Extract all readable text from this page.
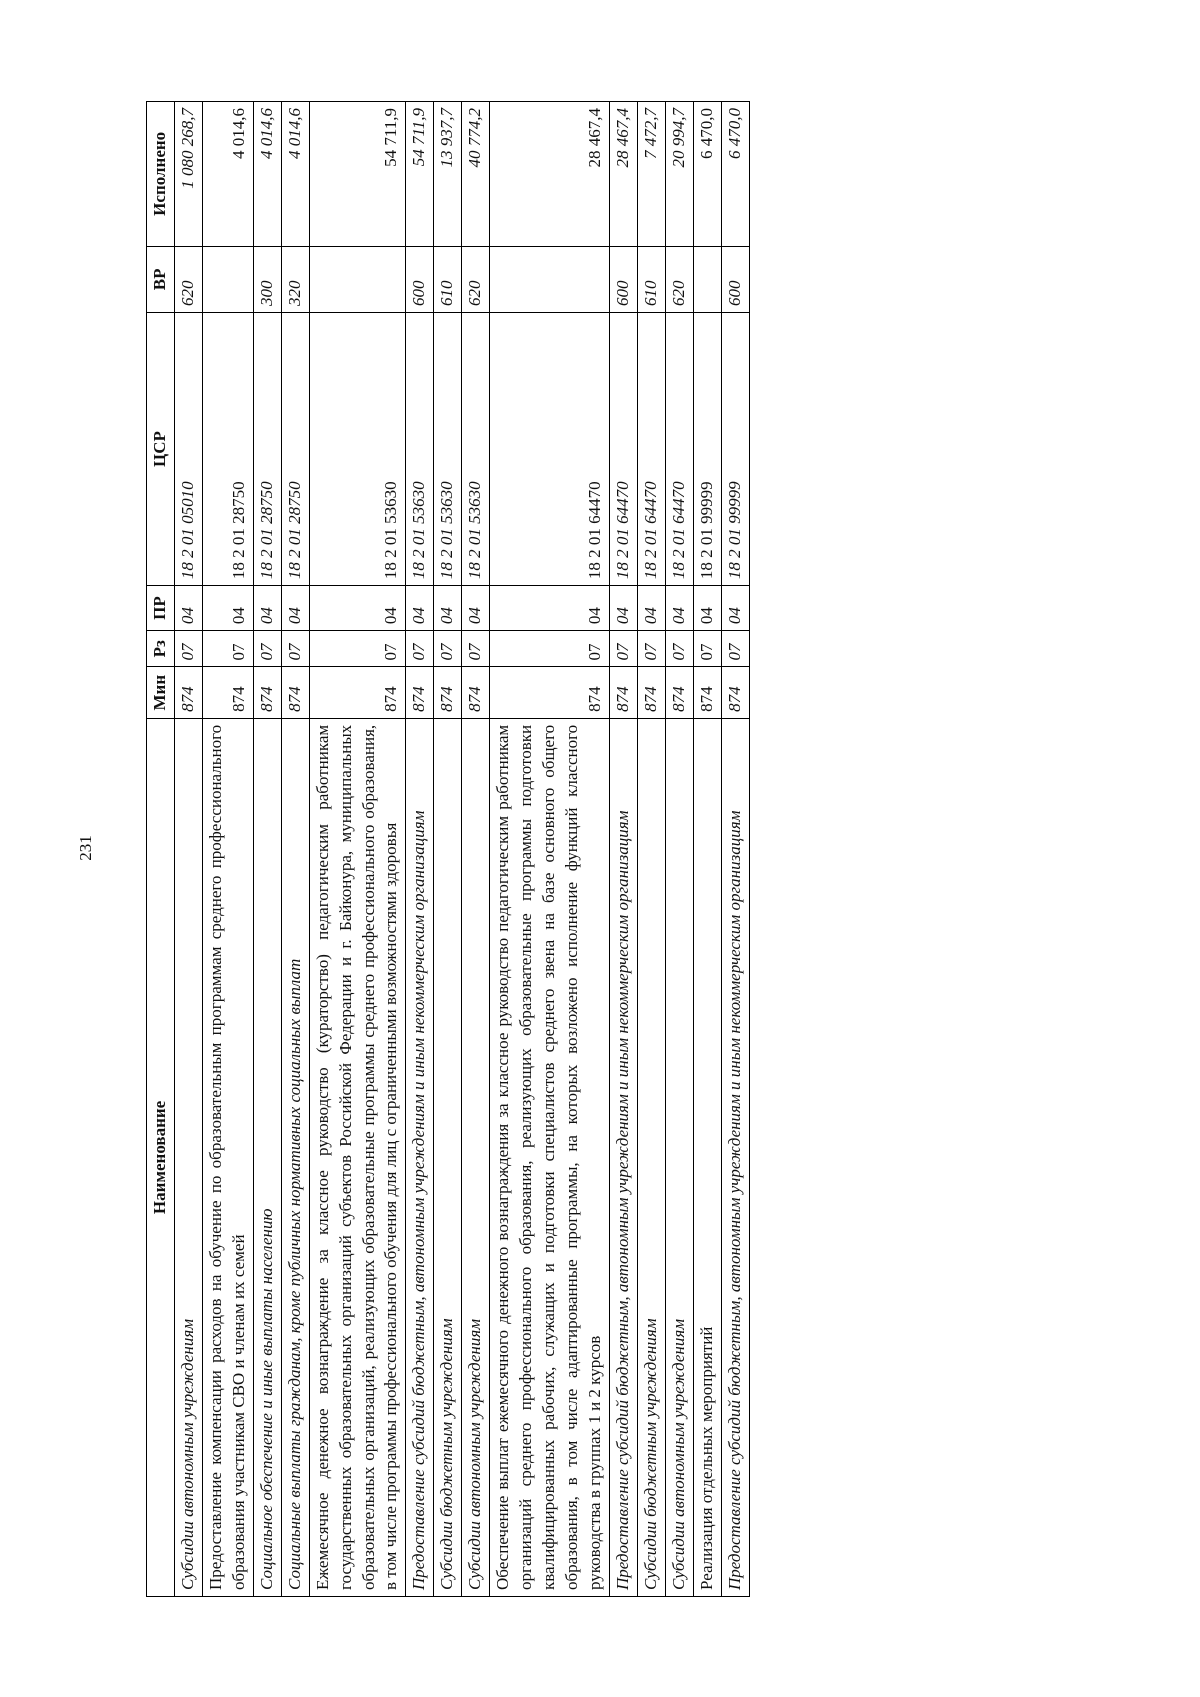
231
Наименование	Мин	Рз	ПР	ЦСР	ВР	Исполнено
Субсидии автономным учреждениям	874	07	04	18 2 01 05010	620	1 080 268,7
Предоставление компенсации расходов на обучение по образовательным программам среднего профессионального образования участникам СВО и членам их семей	874	07	04	18 2 01 28750		4 014,6
Социальное обеспечение и иные выплаты населению	874	07	04	18 2 01 28750	300	4 014,6
Социальные выплаты гражданам, кроме публичных нормативных социальных выплат	874	07	04	18 2 01 28750	320	4 014,6
Ежемесячное денежное вознаграждение за классное руководство (кураторство) педагогическим работникам государственных образовательных организаций субъектов Российской Федерации и г. Байконура, муниципальных образовательных организаций, реализующих образовательные программы среднего профессионального образования, в том числе программы профессионального обучения для лиц с ограниченными возможностями здоровья	874	07	04	18 2 01 53630		54 711,9
Предоставление субсидий бюджетным, автономным учреждениям и иным некоммерческим организациям	874	07	04	18 2 01 53630	600	54 711,9
Субсидии бюджетным учреждениям	874	07	04	18 2 01 53630	610	13 937,7
Субсидии автономным учреждениям	874	07	04	18 2 01 53630	620	40 774,2
Обеспечение выплат ежемесячного денежного вознаграждения за классное руководство педагогическим работникам организаций среднего профессионального образования, реализующих образовательные программы подготовки квалифицированных рабочих, служащих и подготовки специалистов среднего звена на базе основного общего образования, в том числе адаптированные программы, на которых возложено исполнение функций классного руководства в группах 1 и 2 курсов	874	07	04	18 2 01 64470		28 467,4
Предоставление субсидий бюджетным, автономным учреждениям и иным некоммерческим организациям	874	07	04	18 2 01 64470	600	28 467,4
Субсидии бюджетным учреждениям	874	07	04	18 2 01 64470	610	7 472,7
Субсидии автономным учреждениям	874	07	04	18 2 01 64470	620	20 994,7
Реализация отдельных мероприятий	874	07	04	18 2 01 99999		6 470,0
Предоставление субсидий бюджетным, автономным учреждениям и иным некоммерческим организациям	874	07	04	18 2 01 99999	600	6 470,0
